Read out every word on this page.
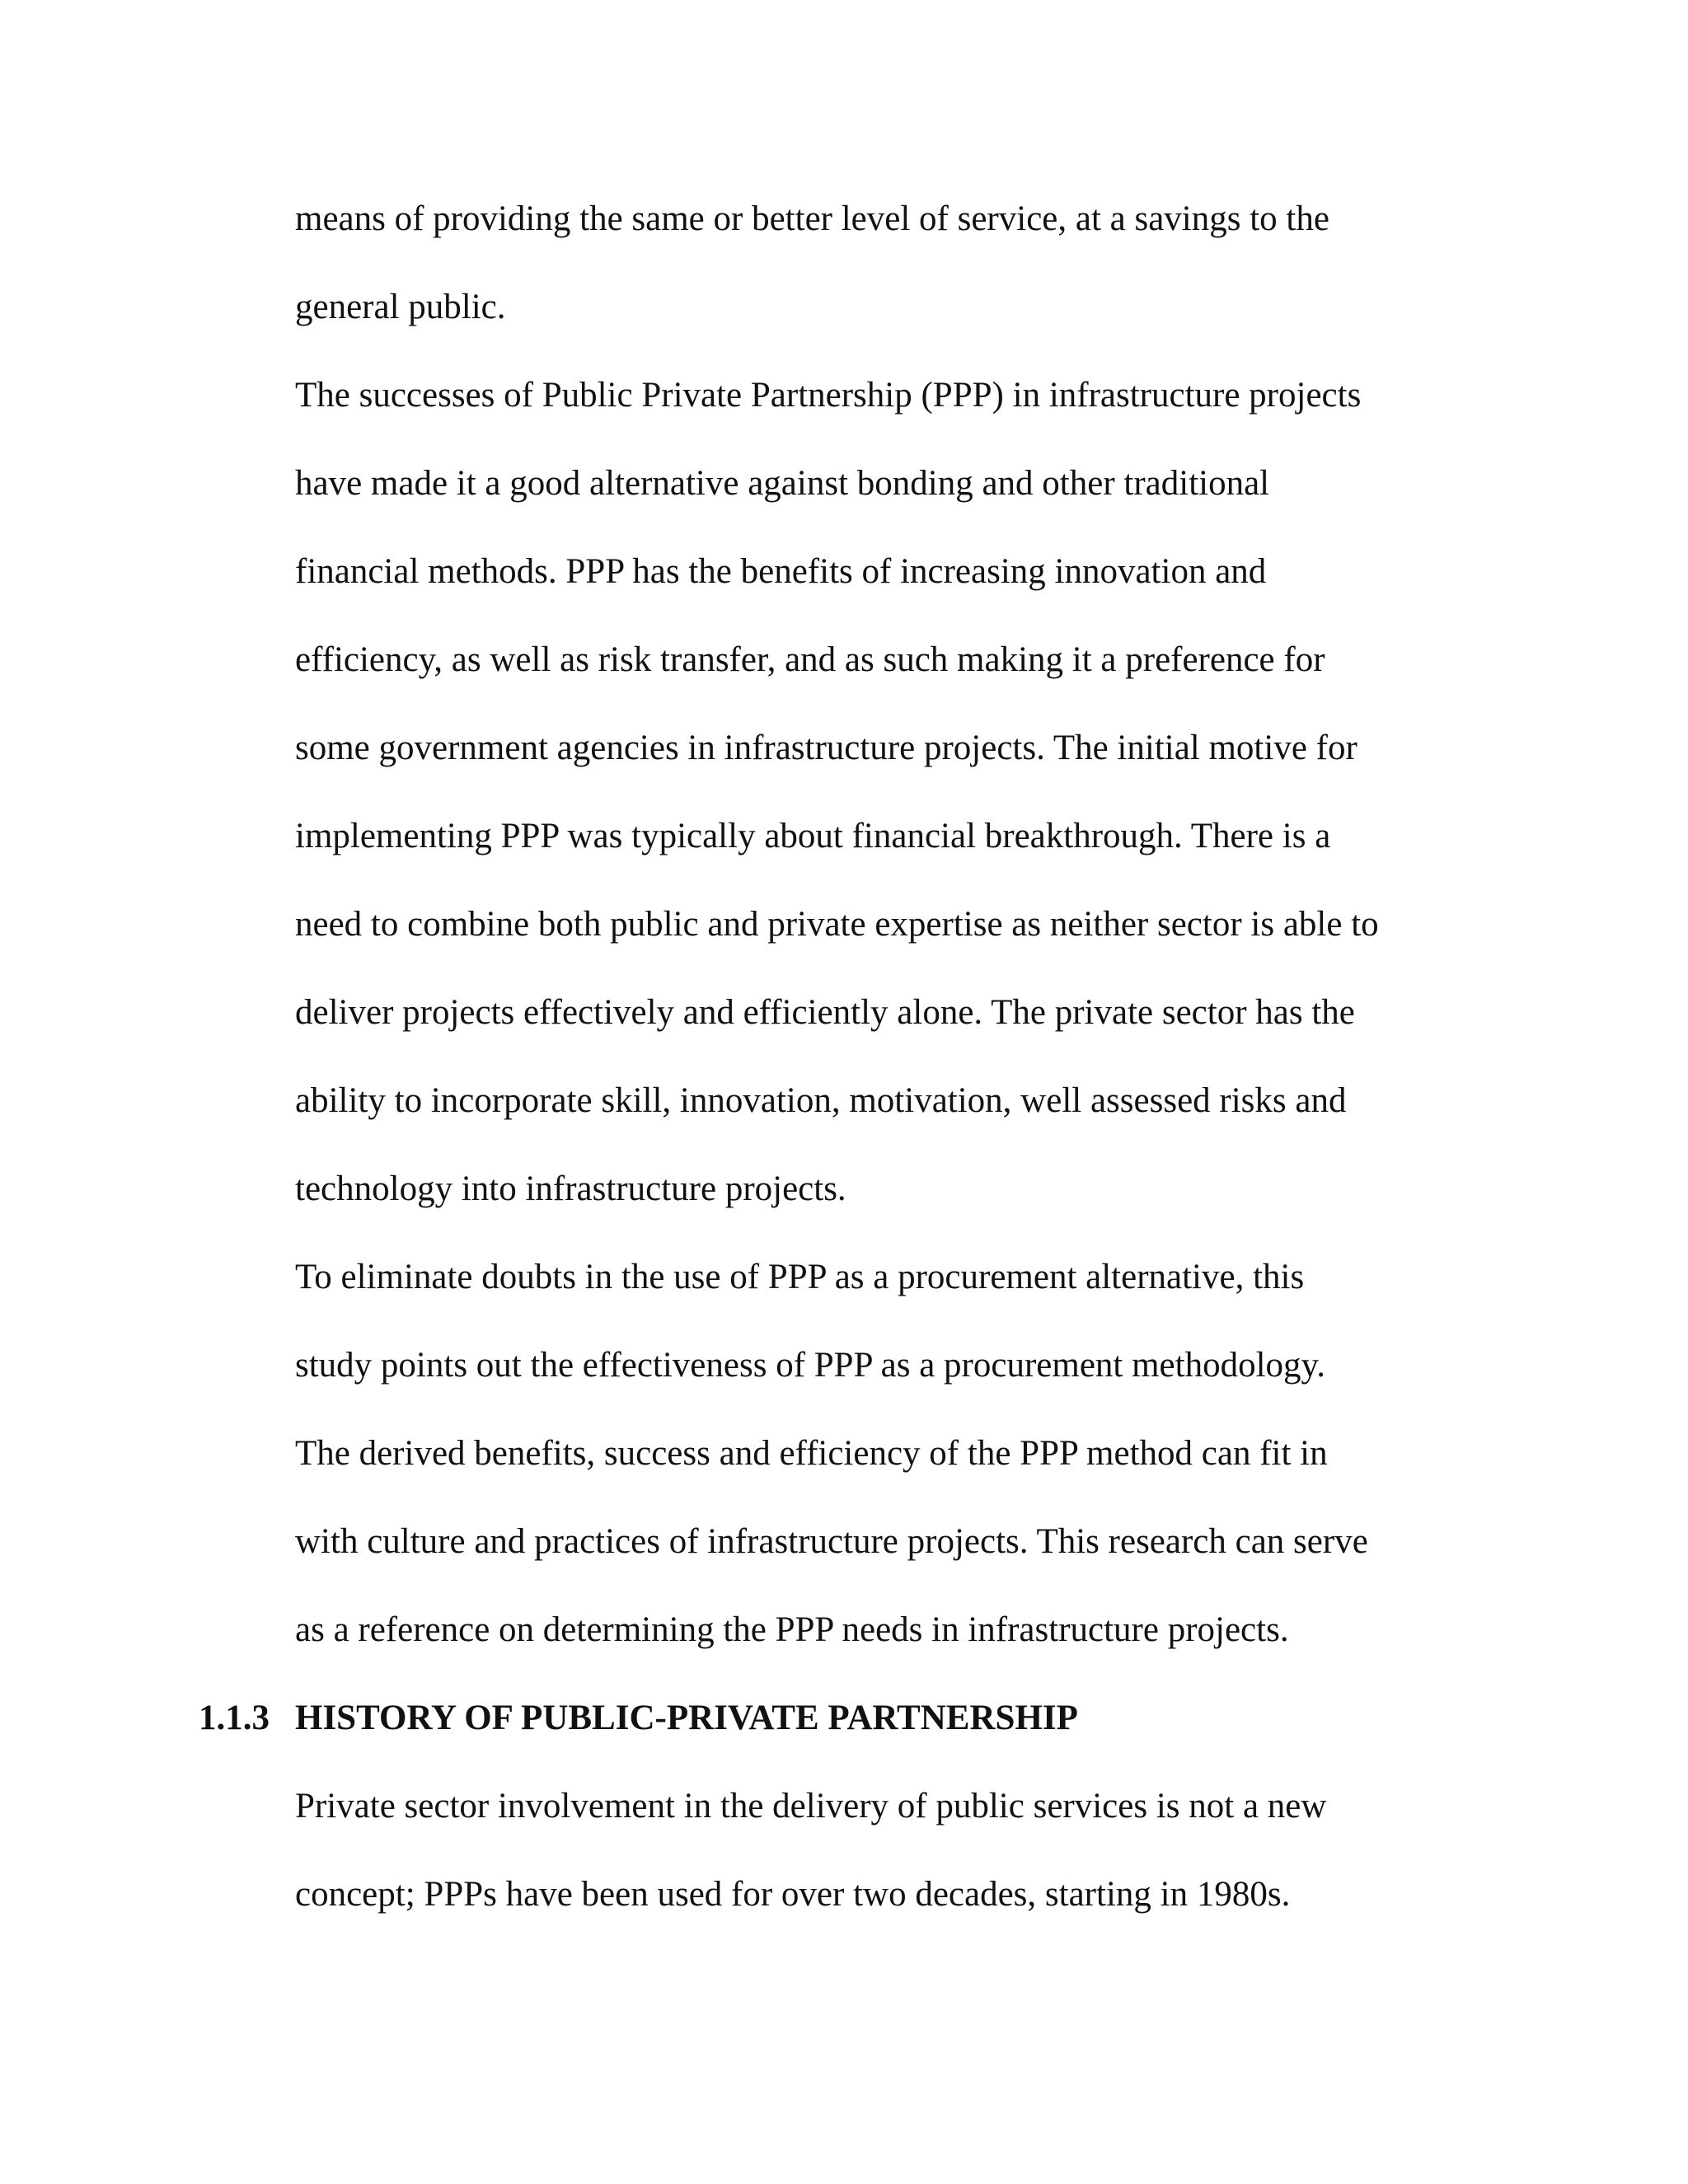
means of providing the same or better level of service, at a savings to the
general public.
The successes of Public Private Partnership (PPP) in infrastructure projects
have made it a good alternative against bonding and other traditional
financial methods. PPP has the benefits of increasing innovation and
efficiency, as well as risk transfer, and as such making it a preference for
some government agencies in infrastructure projects. The initial motive for
implementing PPP was typically about financial breakthrough. There is a
need to combine both public and private expertise as neither sector is able to
deliver projects effectively and efficiently alone. The private sector has the
ability to incorporate skill, innovation, motivation, well assessed risks and
technology into infrastructure projects.
To eliminate doubts in the use of PPP as a procurement alternative, this
study points out the effectiveness of PPP as a procurement methodology.
The derived benefits, success and efficiency of the PPP method can fit in
with culture and practices of infrastructure projects. This research can serve
as a reference on determining the PPP needs in infrastructure projects.
1.1.3 HISTORY OF PUBLIC-PRIVATE PARTNERSHIP
Private sector involvement in the delivery of public services is not a new
concept; PPPs have been used for over two decades, starting in 1980s.
